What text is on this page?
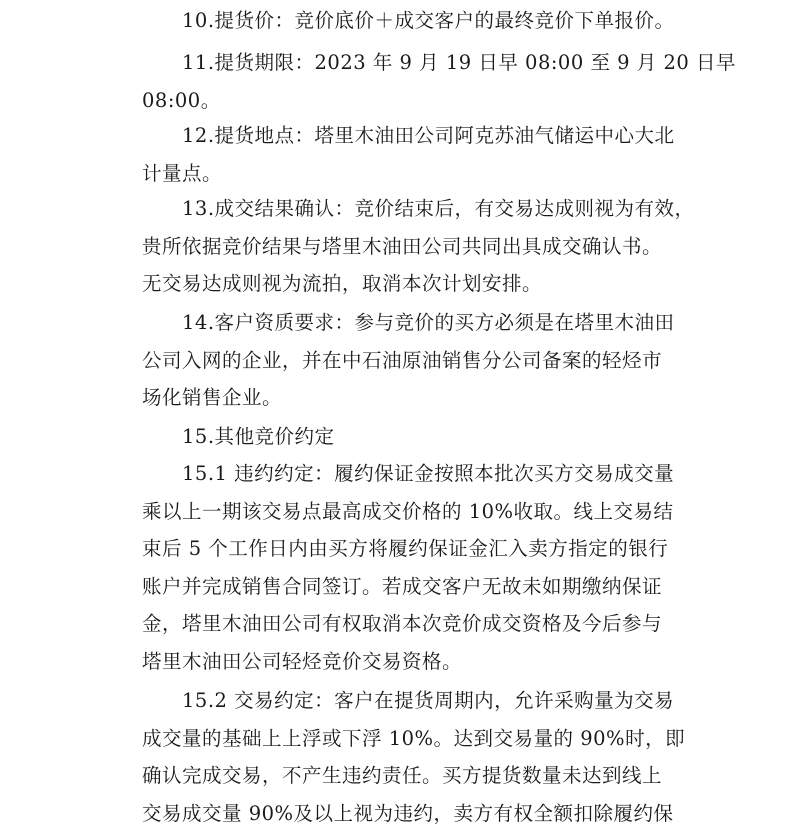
10.提货价：竞价底价＋成交客户的最终竞价下单报价。

11.提货期限：2023 年 9 月 19 日早 08:00 至 9 月 20 日早
08:00。

12.提货地点：塔里木油田公司阿克苏油气储运中心大北
计量点。

13.成交结果确认：竞价结束后，有交易达成则视为有效，
贵所依据竞价结果与塔里木油田公司共同出具成交确认书。
无交易达成则视为流拍，取消本次计划安排。

14.客户资质要求：参与竞价的买方必须是在塔里木油田
公司入网的企业，并在中石油原油销售分公司备案的轻烃市
场化销售企业。

15.其他竞价约定

15.1 违约约定：履约保证金按照本批次买方交易成交量
乘以上一期该交易点最高成交价格的 10%收取。线上交易结
束后 5 个工作日内由买方将履约保证金汇入卖方指定的银行
账户并完成销售合同签订。若成交客户无故未如期缴纳保证
金，塔里木油田公司有权取消本次竞价成交资格及今后参与
塔里木油田公司轻烃竞价交易资格。

15.2 交易约定：客户在提货周期内，允许采购量为交易
成交量的基础上上浮或下浮 10%。达到交易量的 90%时，即
确认完成交易，不产生违约责任。买方提货数量未达到线上
交易成交量 90%及以上视为违约，卖方有权全额扣除履约保
